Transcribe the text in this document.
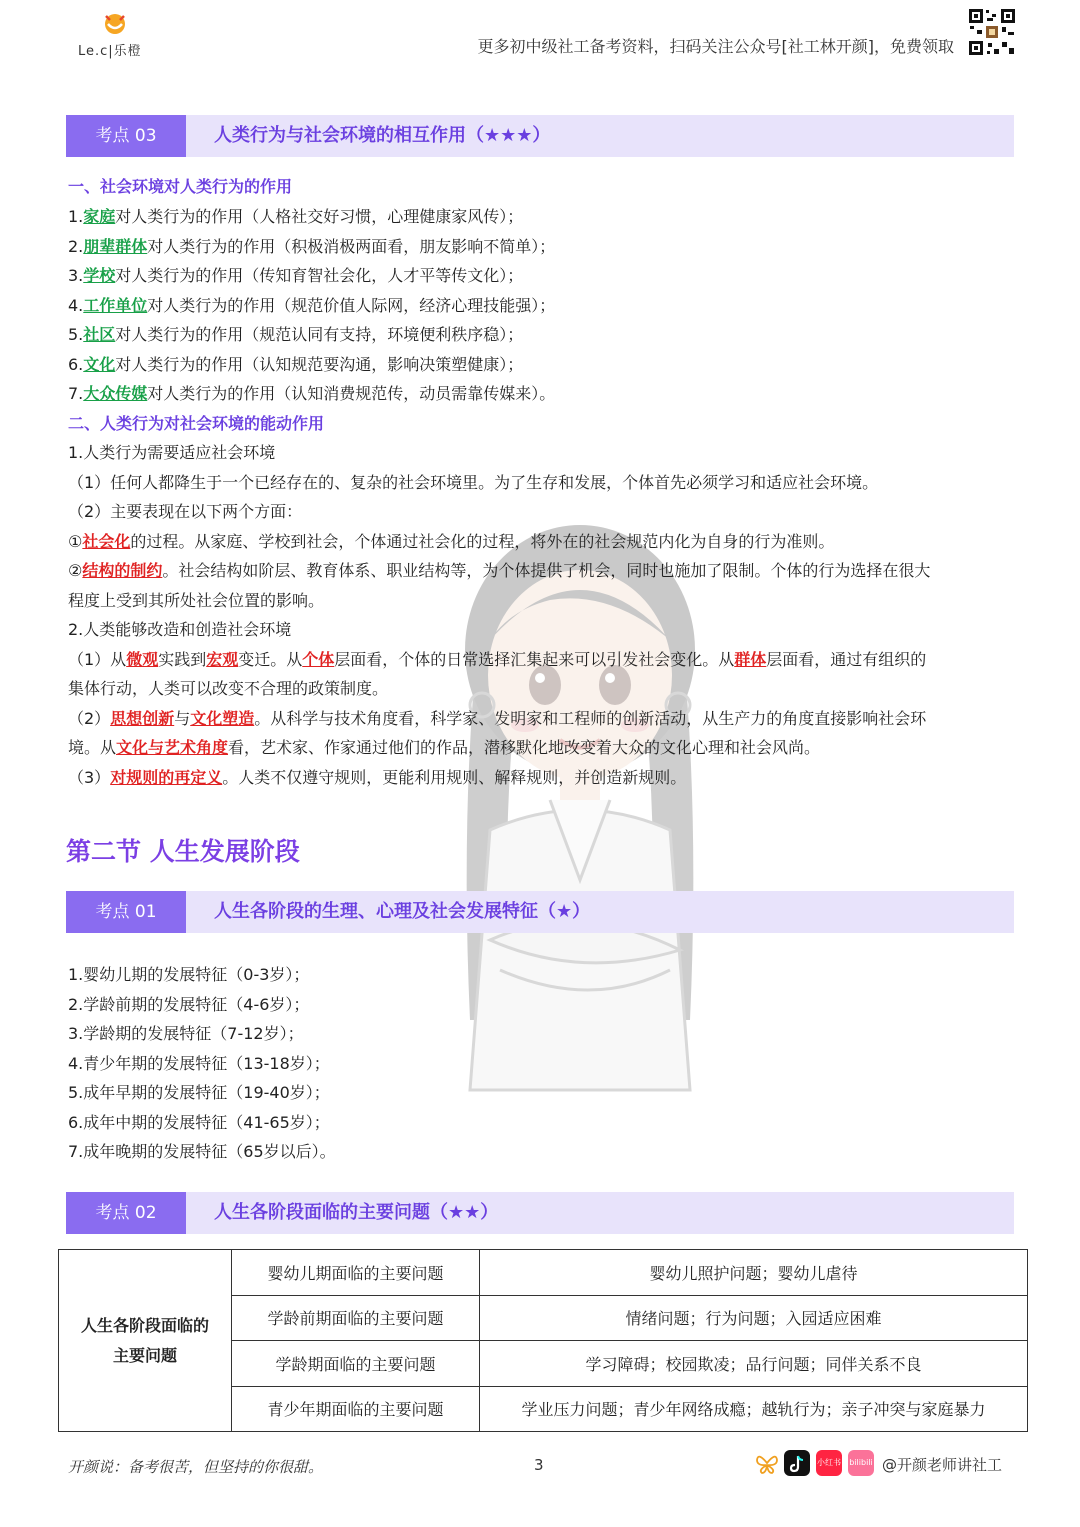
Le.c|乐橙	更多初中级社工备考资料，扫码关注公众号[社工林开颜]，免费领取
考点 03	人类行为与社会环境的相互作用（★★★）
一、社会环境对人类行为的作用
1.家庭对人类行为的作用（人格社交好习惯，心理健康家风传）；
2.朋辈群体对人类行为的作用（积极消极两面看，朋友影响不简单）；
3.学校对人类行为的作用（传知育智社会化，人才平等传文化）；
4.工作单位对人类行为的作用（规范价值人际网，经济心理技能强）；
5.社区对人类行为的作用（规范认同有支持，环境便利秩序稳）；
6.文化对人类行为的作用（认知规范要沟通，影响决策塑健康）；
7.大众传媒对人类行为的作用（认知消费规范传，动员需靠传媒来）。
二、人类行为对社会环境的能动作用
1.人类行为需要适应社会环境
（1）任何人都降生于一个已经存在的、复杂的社会环境里。为了生存和发展，个体首先必须学习和适应社会环境。
（2）主要表现在以下两个方面：
①社会化的过程。从家庭、学校到社会，个体通过社会化的过程，将外在的社会规范内化为自身的行为准则。
②结构的制约。社会结构如阶层、教育体系、职业结构等，为个体提供了机会，同时也施加了限制。个体的行为选择在很大
程度上受到其所处社会位置的影响。
2.人类能够改造和创造社会环境
（1）从微观实践到宏观变迁。从个体层面看，个体的日常选择汇集起来可以引发社会变化。从群体层面看，通过有组织的
集体行动，人类可以改变不合理的政策制度。
（2）思想创新与文化塑造。从科学与技术角度看，科学家、发明家和工程师的创新活动，从生产力的角度直接影响社会环
境。从文化与艺术角度看，艺术家、作家通过他们的作品，潜移默化地改变着大众的文化心理和社会风尚。
（3）对规则的再定义。人类不仅遵守规则，更能利用规则、解释规则，并创造新规则。
第二节 人生发展阶段
考点 01	人生各阶段的生理、心理及社会发展特征（★）
1.婴幼儿期的发展特征（0-3岁）；
2.学龄前期的发展特征（4-6岁）；
3.学龄期的发展特征（7-12岁）；
4.青少年期的发展特征（13-18岁）；
5.成年早期的发展特征（19-40岁）；
6.成年中期的发展特征（41-65岁）；
7.成年晚期的发展特征（65岁以后）。
考点 02	人生各阶段面临的主要问题（★★）
人生各阶段面临的
主要问题	婴幼儿期面临的主要问题	婴幼儿照护问题；婴幼儿虐待
	学龄前期面临的主要问题	情绪问题；行为问题；入园适应困难
	学龄期面临的主要问题	学习障碍；校园欺凌；品行问题；同伴关系不良
	青少年期面临的主要问题	学业压力问题；青少年网络成瘾；越轨行为；亲子冲突与家庭暴力
开颜说：备考很苦，但坚持的你很甜。	3	小红书 bilibili @开颜老师讲社工
